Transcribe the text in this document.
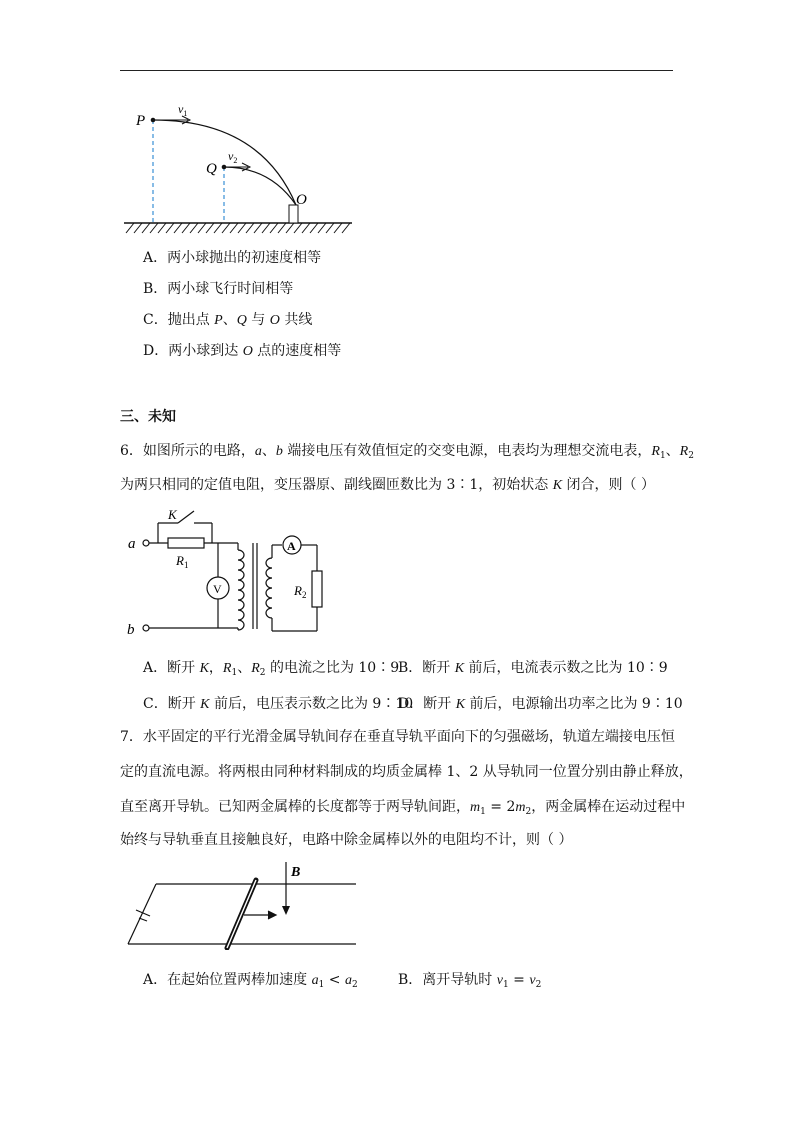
P
Q
O
$v_1$
$v_2$
A．两小球抛出的初速度相等
B．两小球飞行时间相等
C．抛出点 P、Q 与 O 共线
D．两小球到达 O 点的速度相等
三、未知
6．如图所示的电路，a、b 端接电压有效值恒定的交变电源，电表均为理想交流电表，$R_1$、$R_2$
为两只相同的定值电阻，变压器原、副线圈匝数比为 3∶1，初始状态 K 闭合，则（ ）
K
a
b
$R_1$
$R_2$
A
V
A．断开 K，$R_1$、$R_2$ 的电流之比为 10∶9
B．断开 K 前后，电流表示数之比为 10∶9
C．断开 K 前后，电压表示数之比为 9∶10
D．断开 K 前后，电源输出功率之比为 9∶10
7．水平固定的平行光滑金属导轨间存在垂直导轨平面向下的匀强磁场，轨道左端接电压恒
定的直流电源。将两根由同种材料制成的均质金属棒 1、2 从导轨同一位置分别由静止释放，
直至离开导轨。已知两金属棒的长度都等于两导轨间距，$m_1 = 2m_2$，两金属棒在运动过程中
始终与导轨垂直且接触良好，电路中除金属棒以外的电阻均不计，则（ ）
B
A．在起始位置两棒加速度 $a_1 < a_2$	B．离开导轨时 $v_1 = v_2$
